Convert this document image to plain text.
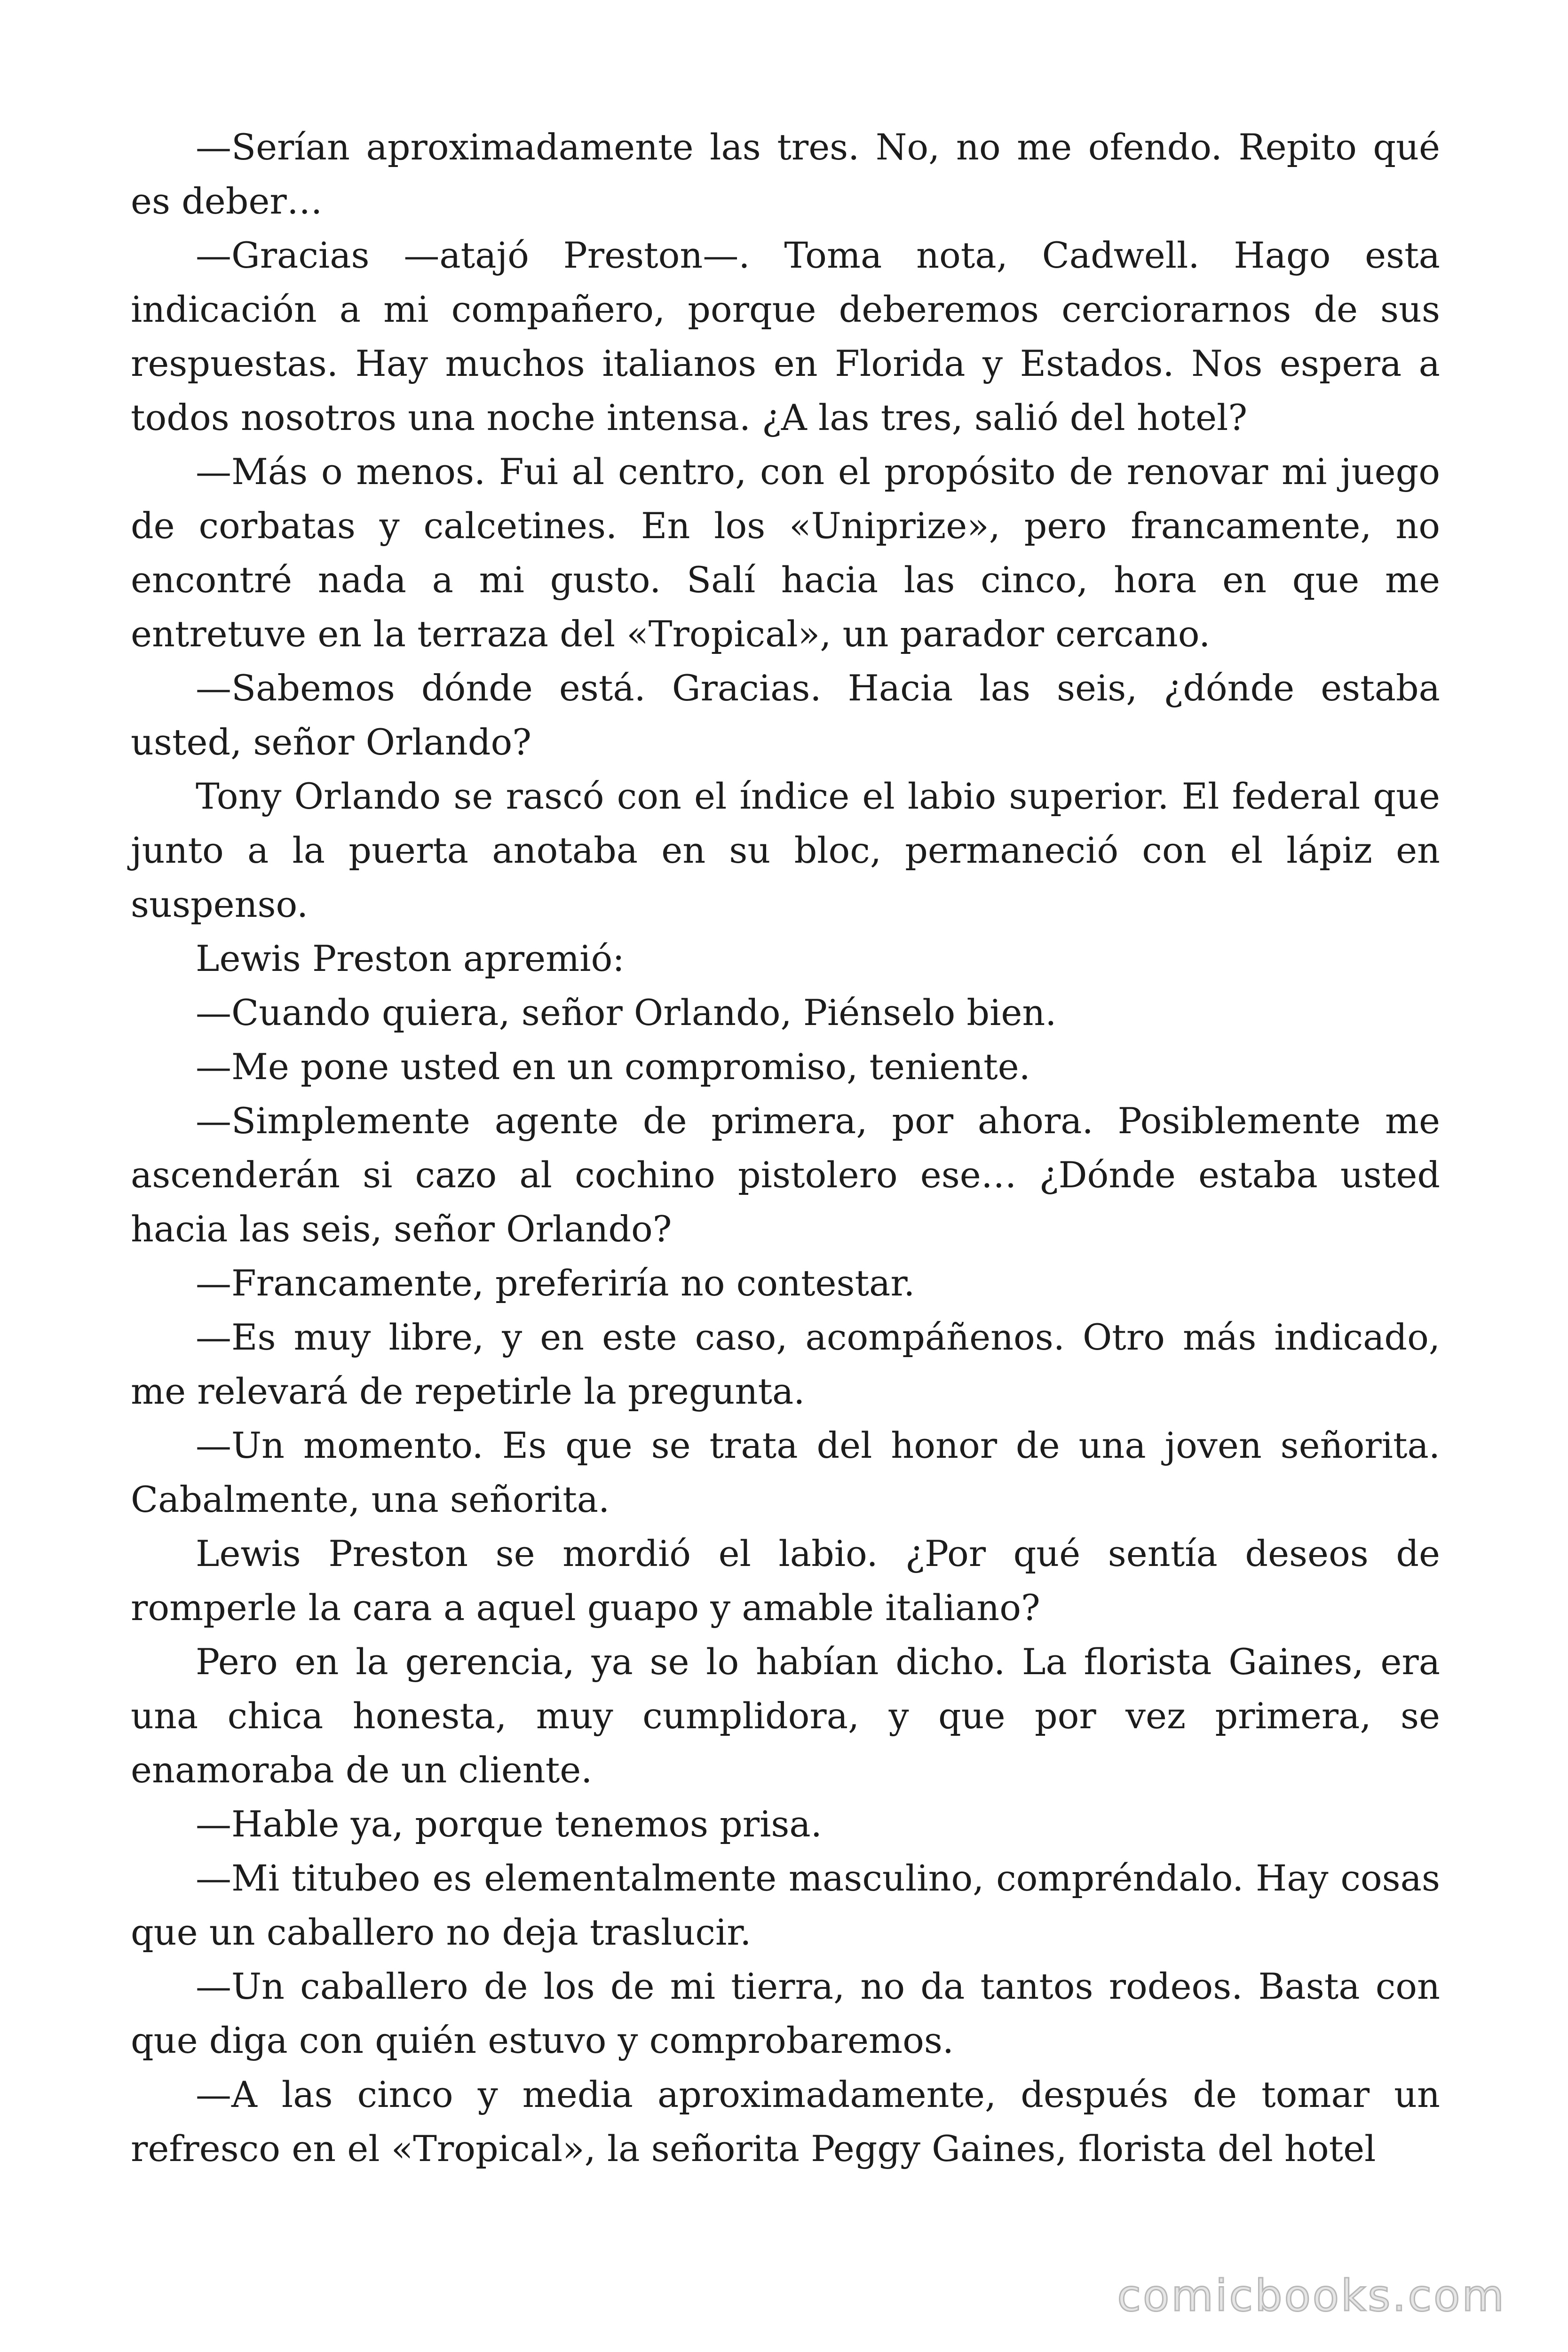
—Serían aproximadamente las tres. No, no me ofendo. Repito qué es deber…

—Gracias —atajó Preston—. Toma nota, Cadwell. Hago esta indicación a mi compañero, porque deberemos cerciorarnos de sus respuestas. Hay muchos italianos en Florida y Estados. Nos espera a todos nosotros una noche intensa. ¿A las tres, salió del hotel?

—Más o menos. Fui al centro, con el propósito de renovar mi juego de corbatas y calcetines. En los «Uniprize», pero francamente, no encontré nada a mi gusto. Salí hacia las cinco, hora en que me entretuve en la terraza del «Tropical», un parador cercano.

—Sabemos dónde está. Gracias. Hacia las seis, ¿dónde estaba usted, señor Orlando?

Tony Orlando se rascó con el índice el labio superior. El federal que junto a la puerta anotaba en su bloc, permaneció con el lápiz en suspenso.

Lewis Preston apremió:

—Cuando quiera, señor Orlando, Piénselo bien.

—Me pone usted en un compromiso, teniente.

—Simplemente agente de primera, por ahora. Posiblemente me ascenderán si cazo al cochino pistolero ese… ¿Dónde estaba usted hacia las seis, señor Orlando?

—Francamente, preferiría no contestar.

—Es muy libre, y en este caso, acompáñenos. Otro más indicado, me relevará de repetirle la pregunta.

—Un momento. Es que se trata del honor de una joven señorita. Cabalmente, una señorita.

Lewis Preston se mordió el labio. ¿Por qué sentía deseos de romperle la cara a aquel guapo y amable italiano?

Pero en la gerencia, ya se lo habían dicho. La florista Gaines, era una chica honesta, muy cumplidora, y que por vez primera, se enamoraba de un cliente.

—Hable ya, porque tenemos prisa.

—Mi titubeo es elementalmente masculino, compréndalo. Hay cosas que un caballero no deja traslucir.

—Un caballero de los de mi tierra, no da tantos rodeos. Basta con que diga con quién estuvo y comprobaremos.

—A las cinco y media aproximadamente, después de tomar un refresco en el «Tropical», la señorita Peggy Gaines, florista del hotel

comicbooks.com
